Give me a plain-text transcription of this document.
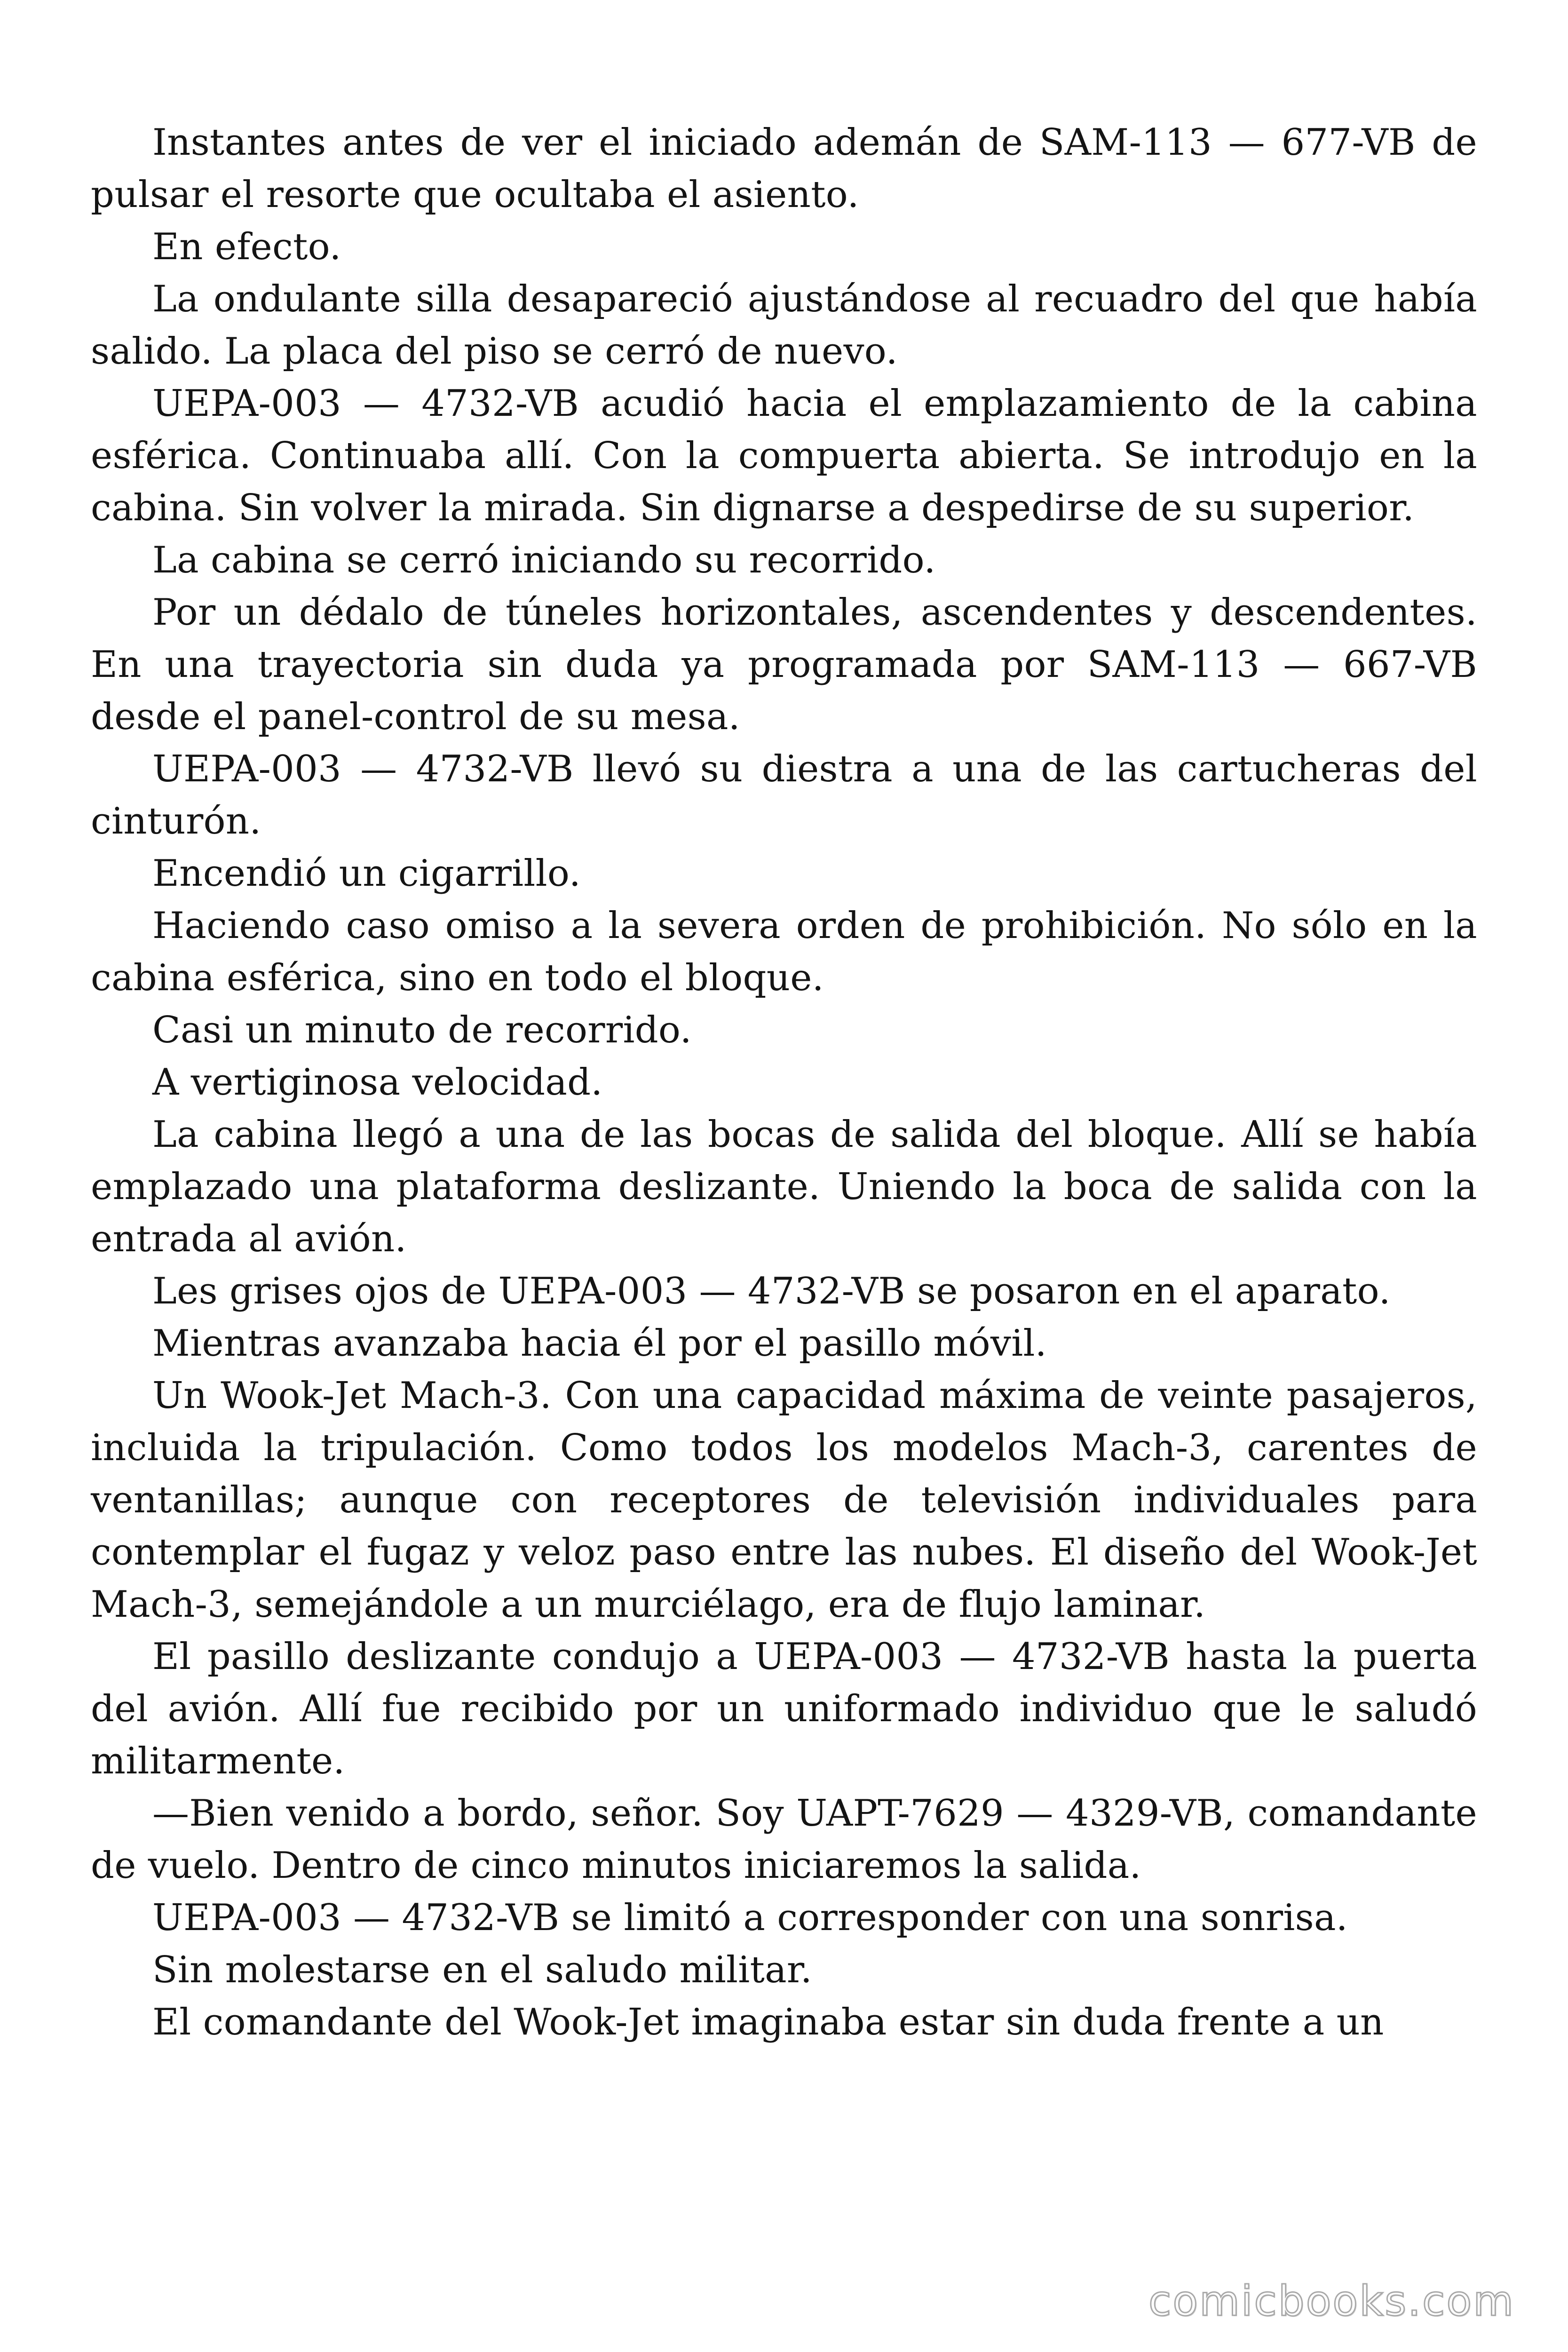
Instantes antes de ver el iniciado ademán de SAM-113 — 677-VB de pulsar el resorte que ocultaba el asiento.

En efecto.

La ondulante silla desapareció ajustándose al recuadro del que había salido. La placa del piso se cerró de nuevo.

UEPA-003 — 4732-VB acudió hacia el emplazamiento de la cabina esférica. Continuaba allí. Con la compuerta abierta. Se introdujo en la cabina. Sin volver la mirada. Sin dignarse a despedirse de su superior.

La cabina se cerró iniciando su recorrido.

Por un dédalo de túneles horizontales, ascendentes y descendentes. En una trayectoria sin duda ya programada por SAM-113 — 667-VB desde el panel-control de su mesa.

UEPA-003 — 4732-VB llevó su diestra a una de las cartucheras del cinturón.

Encendió un cigarrillo.

Haciendo caso omiso a la severa orden de prohibición. No sólo en la cabina esférica, sino en todo el bloque.

Casi un minuto de recorrido.

A vertiginosa velocidad.

La cabina llegó a una de las bocas de salida del bloque. Allí se había emplazado una plataforma deslizante. Uniendo la boca de salida con la entrada al avión.

Les grises ojos de UEPA-003 — 4732-VB se posaron en el aparato.

Mientras avanzaba hacia él por el pasillo móvil.

Un Wook-Jet Mach-3. Con una capacidad máxima de veinte pasajeros, incluida la tripulación. Como todos los modelos Mach-3, carentes de ventanillas; aunque con receptores de televisión individuales para contemplar el fugaz y veloz paso entre las nubes. El diseño del Wook-Jet Mach-3, semejándole a un murciélago, era de flujo laminar.

El pasillo deslizante condujo a UEPA-003 — 4732-VB hasta la puerta del avión. Allí fue recibido por un uniformado individuo que le saludó militarmente.

—Bien venido a bordo, señor. Soy UAPT-7629 — 4329-VB, comandante de vuelo. Dentro de cinco minutos iniciaremos la salida.

UEPA-003 — 4732-VB se limitó a corresponder con una sonrisa.

Sin molestarse en el saludo militar.

El comandante del Wook-Jet imaginaba estar sin duda frente a un

comicbooks.com
